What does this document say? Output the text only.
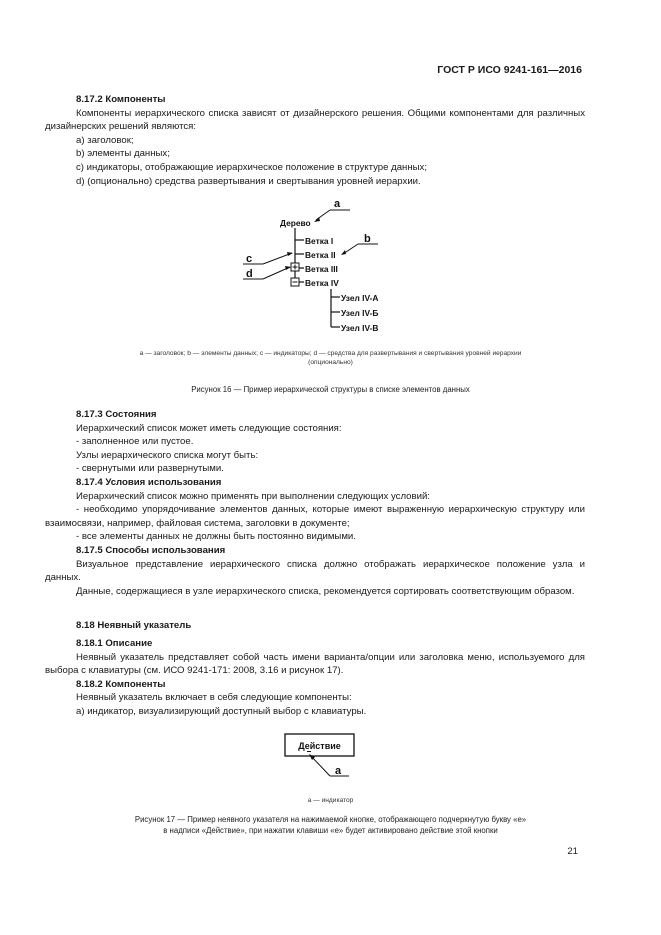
ГОСТ Р ИСО 9241-161—2016
8.17.2 Компоненты
Компоненты иерархического списка зависят от дизайнерского решения. Общими компонентами для различных дизайнерских решений являются:
a) заголовок;
b) элементы данных;
c) индикаторы, отображающие иерархическое положение в структуре данных;
d) (опционально) средства развертывания и свертывания уровней иерархии.
Дерево
Ветка I
Ветка II
Ветка III
Ветка IV
Узел IV-А
Узел IV-Б
Узел IV-В
a
b
c
d
a — заголовок; b — элементы данных; c — индикаторы; d — средства для развертывания и свертывания уровней иерархии
(опционально)
Рисунок 16 — Пример иерархической структуры в списке элементов данных
8.17.3 Состояния
Иерархический список может иметь следующие состояния:
- заполненное или пустое.
Узлы иерархического списка могут быть:
- свернутыми или развернутыми.
8.17.4 Условия использования
Иерархический список можно применять при выполнении следующих условий:
- необходимо упорядочивание элементов данных, которые имеют выраженную иерархическую структуру или взаимосвязи, например, файловая система, заголовки в документе;
- все элементы данных не должны быть постоянно видимыми.
8.17.5 Способы использования
Визуальное представление иерархического списка должно отображать иерархическое положение узла и данных.
Данные, содержащиеся в узле иерархического списка, рекомендуется сортировать соответствующим образом.
8.18 Неявный указатель
8.18.1 Описание
Неявный указатель представляет собой часть имени варианта/опции или заголовка меню, используемого для выбора с клавиатуры (см. ИСО 9241-171: 2008, 3.16 и рисунок 17).
8.18.2 Компоненты
Неявный указатель включает в себя следующие компоненты:
а) индикатор, визуализирующий доступный выбор с клавиатуры.
Действие
a
a — индикатор
Рисунок 17 — Пример неявного указателя на нажимаемой кнопке, отображающего подчеркнутую букву «е»
в надписи «Действие», при нажатии клавиши «е» будет активировано действие этой кнопки
21
